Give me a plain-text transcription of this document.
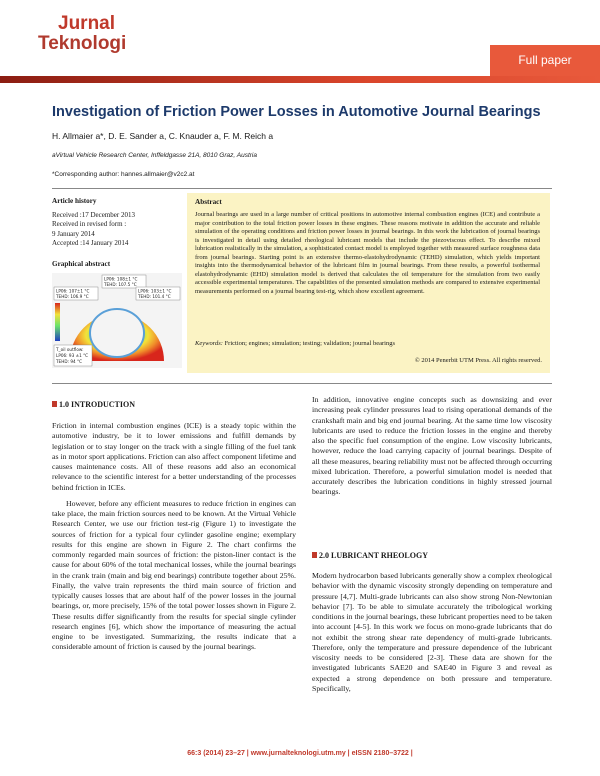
Jurnal
Teknologi
Full paper
Investigation of Friction Power Losses in Automotive Journal Bearings
H. Allmaier a*, D. E. Sander a, C. Knauder a, F. M. Reich a
aVirtual Vehicle Research Center, Inffeldgasse 21A, 8010 Graz, Austria
*Corresponding author: hannes.allmaier@v2c2.at
Article history

Received :17 December 2013

Received in revised form :

9 January 2014

Accepted :14 January 2014

Graphical abstract
LP06: 108±1 °C
TEHD: 107.5 °C
LP06: 107±1 °C
TEHD: 106.9 °C
LP06: 103±1 °C
TEHD: 101.4 °C
T_oil outflow:
LP06: 93 ±1 °C
TEHD: 94 °C
Abstract

Journal bearings are used in a large number of critical positions in automotive internal combustion engines (ICE) and contribute a major contribution to the total friction power losses in these engines. These reasons motivate in addition the accurate and reliable simulation of the operating conditions and friction power losses in journal bearings. In this work the lubrication of journal bearings is investigated in detail using detailed rheological lubricant models that include the piezoviscous effect. To describe mixed lubrication realistically in the simulation, a sophisticated contact model is employed together with measured surface roughness data from journal bearings. Starting point is an extensive thermo-elastohydrodynamic (TEHD) simulation, which yields important insights into the thermodynamical behavior of the lubricant film in journal bearings. From these results, a powerful isothermal elastohydrodynamic (EHD) simulation model is derived that calculates the oil temperature for the simulation from two easily accessible experimental temperatures. The capabilities of the presented simulation methods are compared to extensive experimental measurements performed on a journal bearing test-rig, which show excellent agreement.

Keywords: Friction; engines; simulation; testing; validation; journal bearings
© 2014 Penerbit UTM Press. All rights reserved.
1.0 INTRODUCTION

Friction in internal combustion engines (ICE) is a steady topic within the automotive industry, be it to lower emissions and fulfill demands by legislation or to stay longer on the track with a single filling of the fuel tank as in motor sport applications. Friction can also affect component lifetime and causes maintenance costs. All of these reasons add also an economical relevance to the scientific interest for a better understanding of the processes behind friction in ICEs.

However, before any efficient measures to reduce friction in engines can take place, the main friction sources need to be known. At the Virtual Vehicle Research Center, we use our friction test-rig (Figure 1) to investigate the sources of friction for a typical four cylinder gasoline engine; exemplary results for this engine are shown in Figure 2. The chart confirms the commonly regarded main sources of friction: the piston-liner contact is the cause for about 60% of the total mechanical losses, while the journal bearings in the crank train (main and big end bearings) contribute together about 25%. Finally, the valve train represents the third main source of friction and typically causes losses that are about half of the power losses in the journal bearings, or, more precisely, 15% of the total power losses shown in Figure 2. These results differ significantly from the results for special single cylinder research engines [6], which show the importance of measuring the actual engine to be investigated. Summarizing, the results indicate that a considerable amount of friction is caused by the journal bearings.

In addition, innovative engine concepts such as downsizing and ever increasing peak cylinder pressures lead to rising operational demands of the crankshaft main and big end journal bearing. At the same time low viscosity lubricants are used to reduce the friction losses in the engine and thereby also the specific fuel consumption of the engine. Low viscosity lubricants, however, reduce the load carrying capacity of journal bearings. Despite of all these measures, bearing reliability must not be affected through occurring mixed lubrication. Therefore, a powerful simulation model is needed that accurately describes the lubrication conditions in highly stressed journal bearings.

2.0 LUBRICANT RHEOLOGY

Modern hydrocarbon based lubricants generally show a complex rheological behavior with the dynamic viscosity strongly depending on temperature and pressure [4,7]. Multi-grade lubricants can also show strong Non-Newtonian behavior [7]. To be able to simulate accurately the tribological working conditions in the journal bearings, these lubricant properties need to be taken into account [4-5]. In this work we focus on mono-grade lubricants that do not exhibit the strong shear rate dependency of multi-grade lubricants. Therefore, only the temperature and pressure dependence of the lubricant viscosity needs to be considered [2-3]. These data are shown for the investigated lubricants SAE20 and SAE40 in Figure 3 and reveal as expected a strong dependence on both pressure and temperature. Specifically,

66:3 (2014) 23–27 | www.jurnalteknologi.utm.my | eISSN 2180–3722 |
